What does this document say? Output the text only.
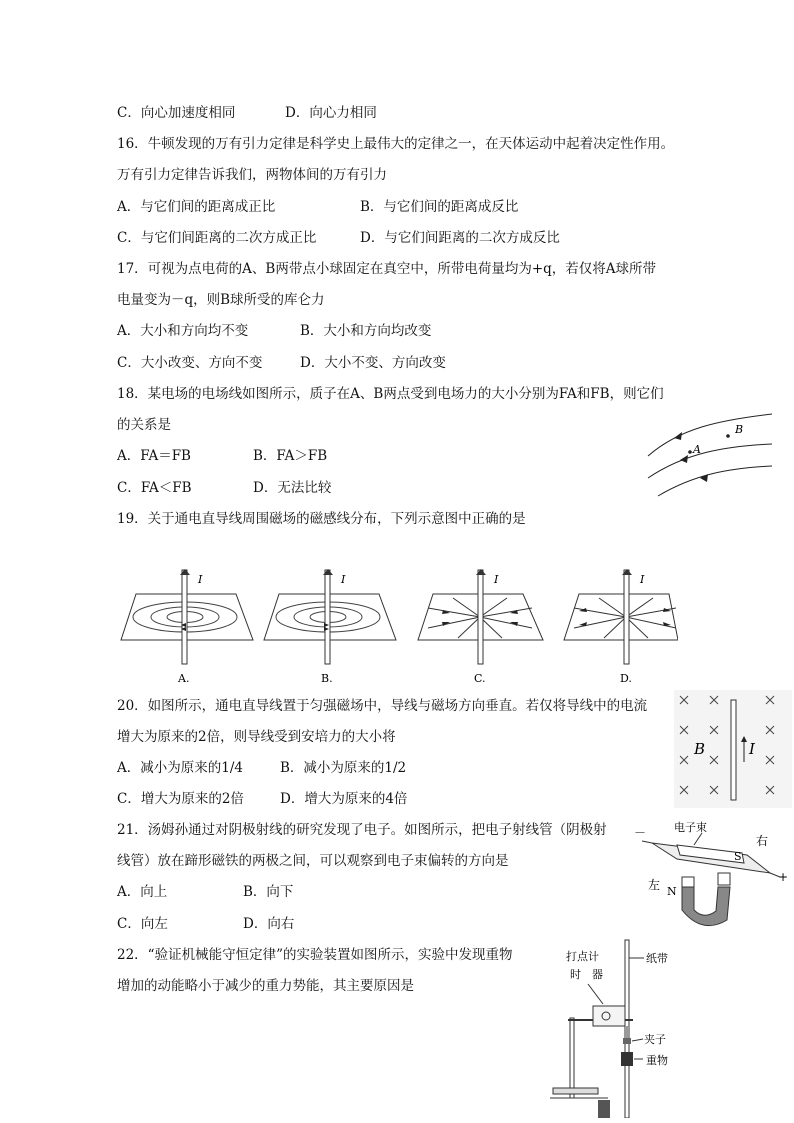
C．向心加速度相同	D．向心力相同
16．牛顿发现的万有引力定律是科学史上最伟大的定律之一，在天体运动中起着决定性作用。
万有引力定律告诉我们，两物体间的万有引力
A．与它们间的距离成正比	B．与它们间的距离成反比
C．与它们间距离的二次方成正比	D．与它们间距离的二次方成反比
17．可视为点电荷的A、B两带点小球固定在真空中，所带电荷量均为+q，若仅将A球所带
电量变为－q，则B球所受的库仑力
A．大小和方向均不变	B．大小和方向均改变
C．大小改变、方向不变	D．大小不变、方向改变
18．某电场的电场线如图所示，质子在A、B两点受到电场力的大小分别为FA和FB，则它们
的关系是
A．FA＝FB	B．FA＞FB
C．FA＜FB	D．无法比较
A
B
19．关于通电直导线周围磁场的磁感线分布，下列示意图中正确的是
I
A.
I
B.
I
C.
I
D.
20．如图所示，通电直导线置于匀强磁场中，导线与磁场方向垂直。若仅将导线中的电流
增大为原来的2倍，则导线受到安培力的大小将
A．减小为原来的1/4	B．减小为原来的1/2
C．增大为原来的2倍	D．增大为原来的4倍
B	I
21．汤姆孙通过对阴极射线的研究发现了电子。如图所示，把电子射线管（阴极射
线管）放在蹄形磁铁的两极之间，可以观察到电子束偏转的方向是
A．向上	B．向下
C．向左	D．向右
－	电子束
右
左
+
N
S
22．“验证机械能守恒定律”的实验装置如图所示，实验中发现重物
增加的动能略小于减少的重力势能，其主要原因是
打点计
时　器
纸带
夹子
重物
